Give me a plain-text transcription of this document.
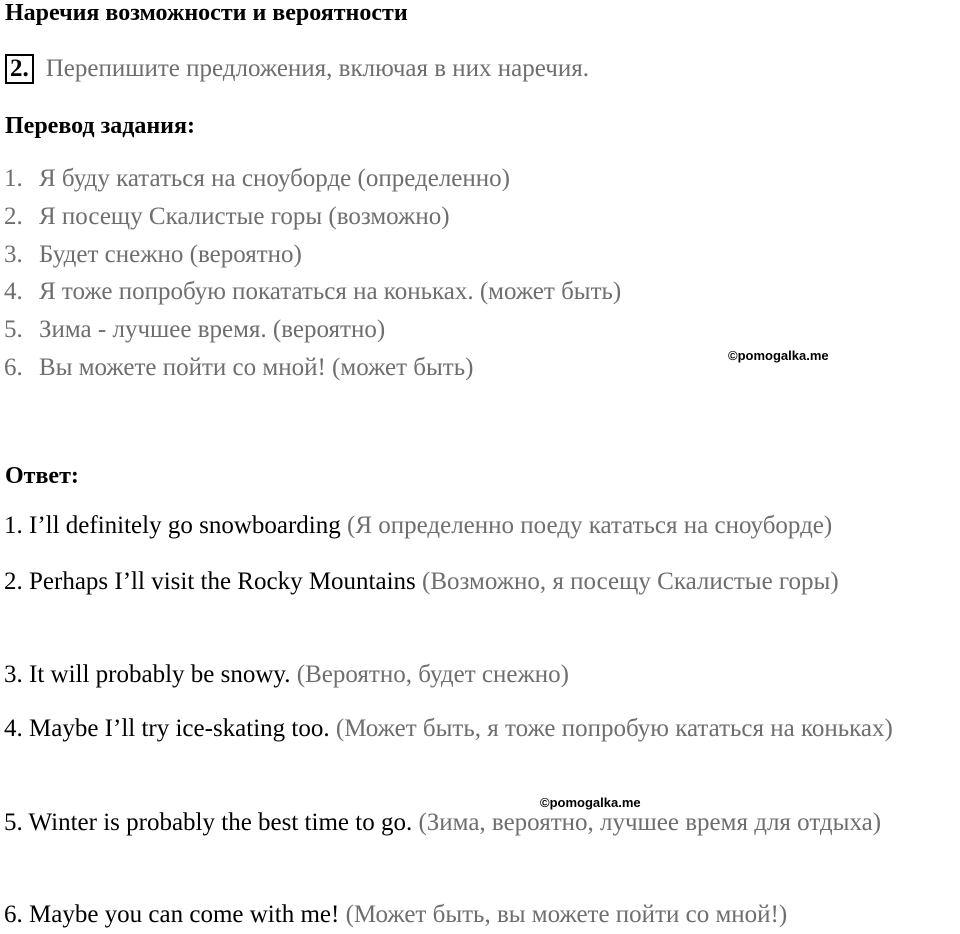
Наречия возможности и вероятности
2. Перепишите предложения, включая в них наречия.
Перевод задания:
1. Я буду кататься на сноуборде (определенно)
2. Я посещу Скалистые горы (возможно)
3. Будет снежно (вероятно)
4. Я тоже попробую покататься на коньках. (может быть)
5. Зима - лучшее время. (вероятно)
6. Вы можете пойти со мной! (может быть)	©pomogalka.me
Ответ:

1. I’ll definitely go snowboarding (Я определенно поеду кататься на сноуборде)

2. Perhaps I’ll visit the Rocky Mountains (Возможно, я посещу Скалистые горы)

3. It will probably be snowy. (Вероятно, будет снежно)

4. Maybe I’ll try ice-skating too. (Может быть, я тоже попробую кататься на коньках)

©pomogalka.me

5. Winter is probably the best time to go. (Зима, вероятно, лучшее время для отдыха)

6. Maybe you can come with me! (Может быть, вы можете пойти со мной!)
